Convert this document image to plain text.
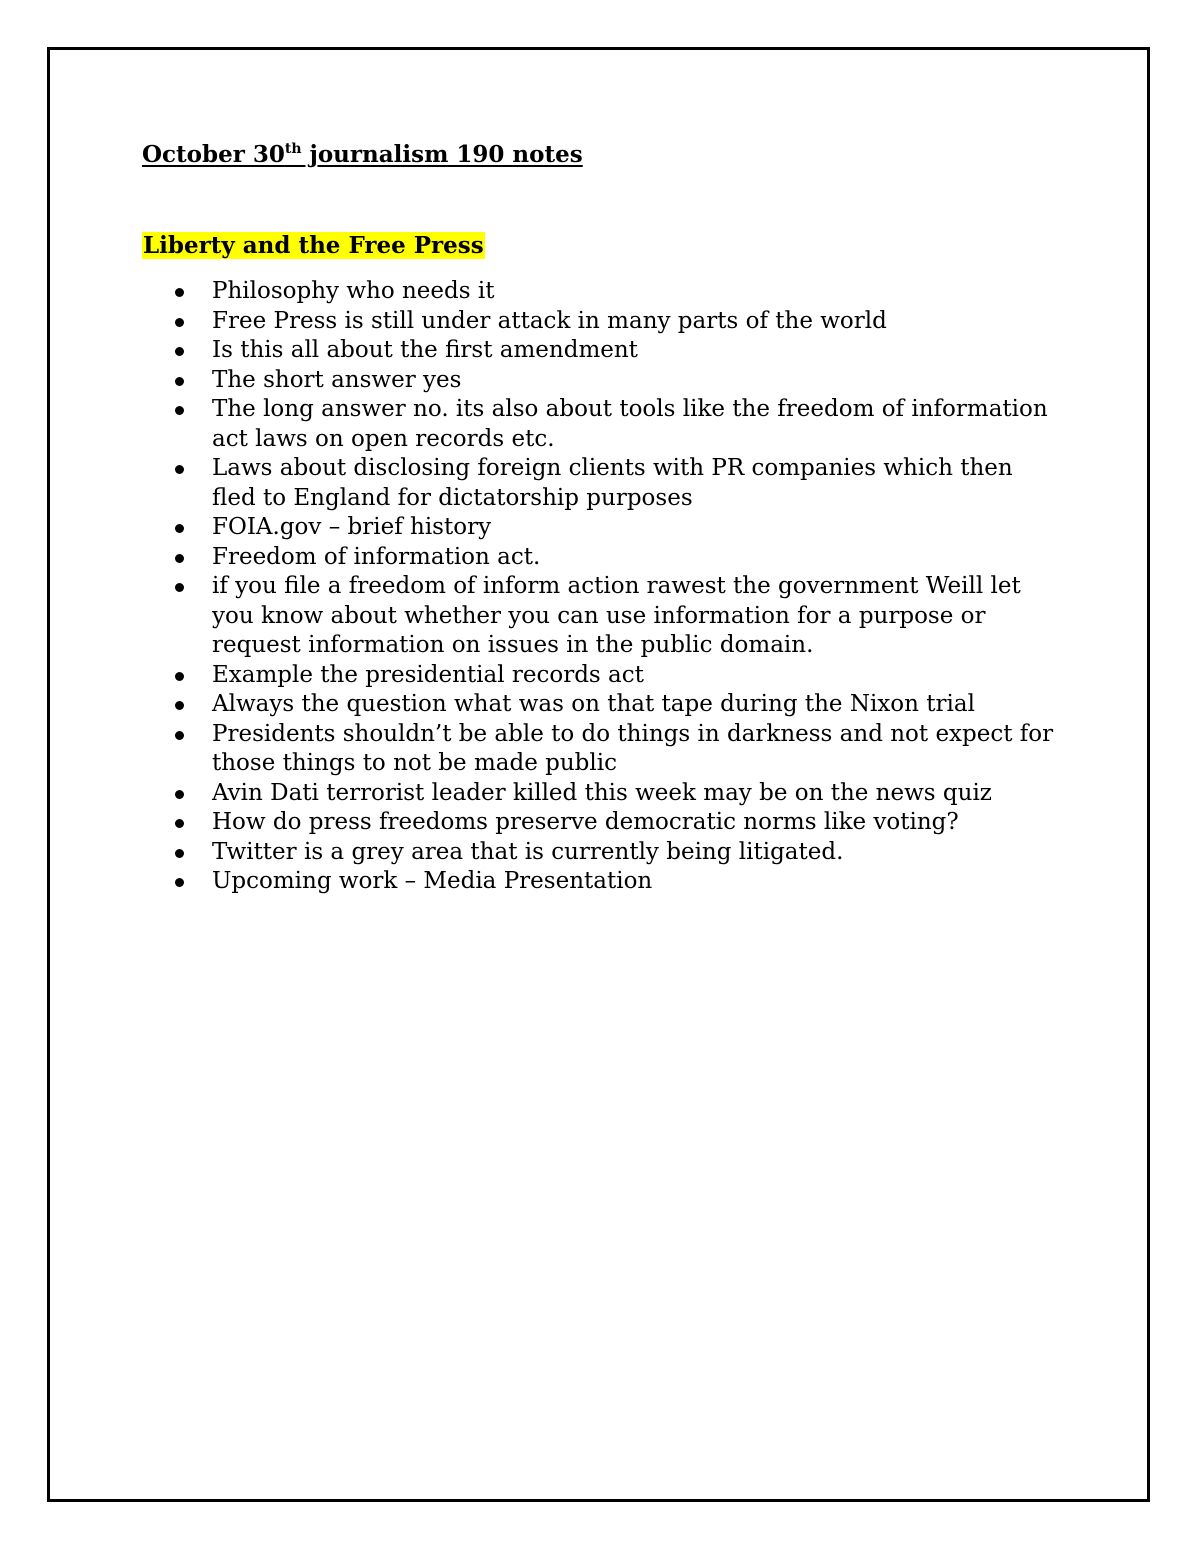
October 30th journalism 190 notes
Liberty and the Free Press
Philosophy who needs it
Free Press is still under attack in many parts of the world
Is this all about the first amendment
The short answer yes
The long answer no. its also about tools like the freedom of information act laws on open records etc.
Laws about disclosing foreign clients with PR companies which then fled to England for dictatorship purposes
FOIA.gov – brief history
Freedom of information act.
if you file a freedom of inform action rawest the government Weill let you know about whether you can use information for a purpose or request information on issues in the public domain.
Example the presidential records act
Always the question what was on that tape during the Nixon trial
Presidents shouldn’t be able to do things in darkness and not expect for those things to not be made public
Avin Dati terrorist leader killed this week may be on the news quiz
How do press freedoms preserve democratic norms like voting?
Twitter is a grey area that is currently being litigated.
Upcoming work – Media Presentation
